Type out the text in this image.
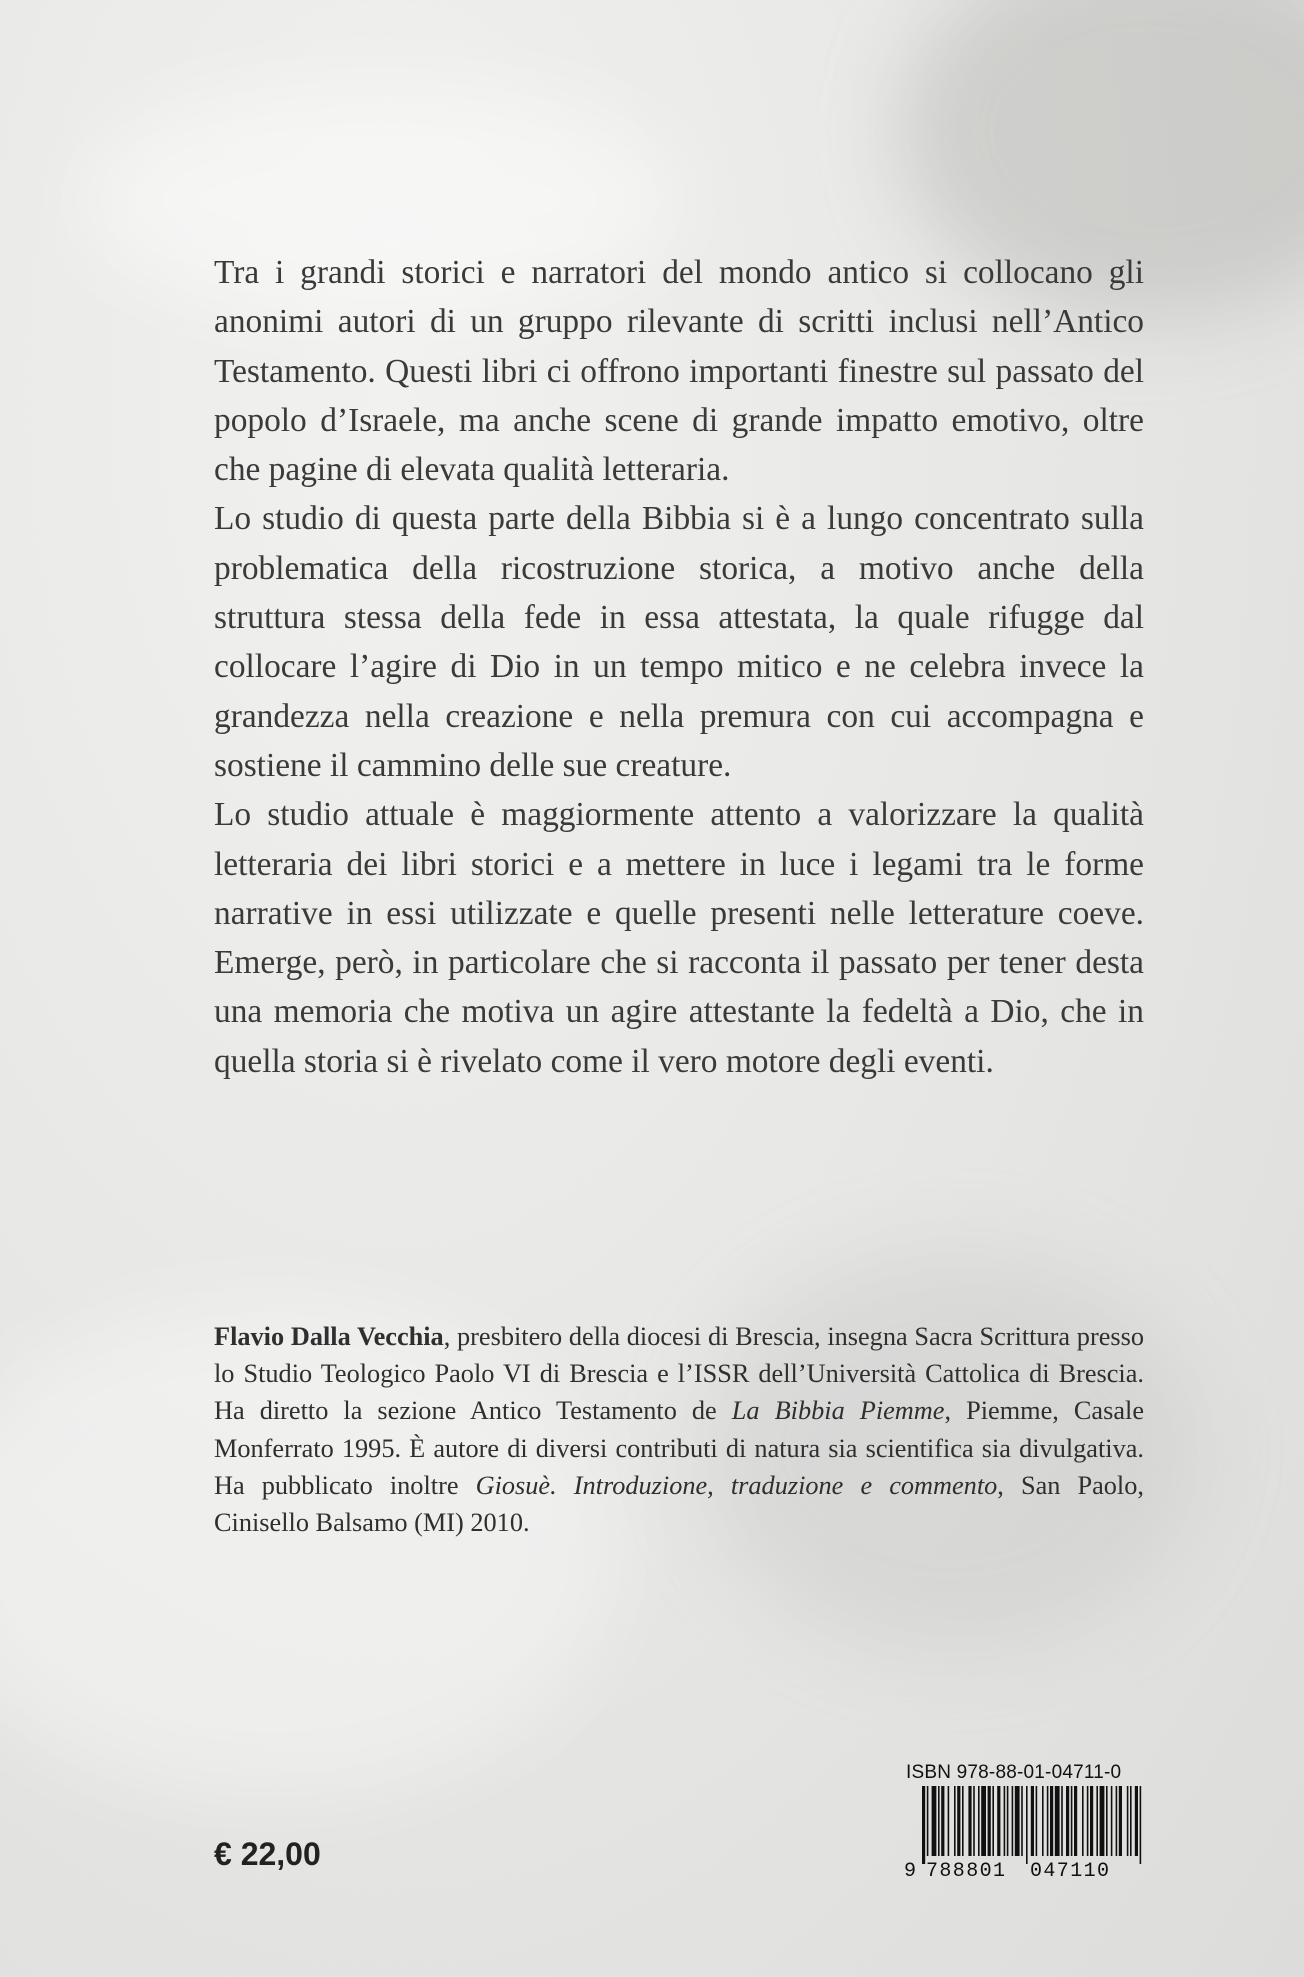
Tra i grandi storici e narratori del mondo antico si collocano gli anonimi autori di un gruppo rilevante di scritti inclusi nell’Antico Testamento. Questi libri ci offrono importanti finestre sul passato del popolo d’Israele, ma anche scene di grande impatto emotivo, oltre che pagine di elevata qualità letteraria.

Lo studio di questa parte della Bibbia si è a lungo concentrato sulla problematica della ricostruzione storica, a motivo anche della struttura stessa della fede in essa attestata, la quale rifugge dal collocare l’agire di Dio in un tempo mitico e ne celebra invece la grandezza nella creazione e nella premura con cui accompagna e sostiene il cammino delle sue creature.

Lo studio attuale è maggiormente attento a valorizzare la qualità letteraria dei libri storici e a mettere in luce i legami tra le forme narrative in essi utilizzate e quelle presenti nelle letterature coeve. Emerge, però, in particolare che si racconta il passato per tener desta una memoria che motiva un agire attestante la fedeltà a Dio, che in quella storia si è rivelato come il vero motore degli eventi.

Flavio Dalla Vecchia, presbitero della diocesi di Brescia, insegna Sacra Scrittura presso lo Studio Teologico Paolo VI di Brescia e l’ISSR dell’Università Cattolica di Brescia. Ha diretto la sezione Antico Testamento de La Bibbia Piemme, Piemme, Casale Monferrato 1995. È autore di diversi contributi di natura sia scientifica sia divulgativa. Ha pubblicato inoltre Giosuè. Introduzione, traduzione e commento, San Paolo, Cinisello Balsamo (MI) 2010.

€ 22,00
ISBN 978-88-01-04711-0
9 788801 047110
